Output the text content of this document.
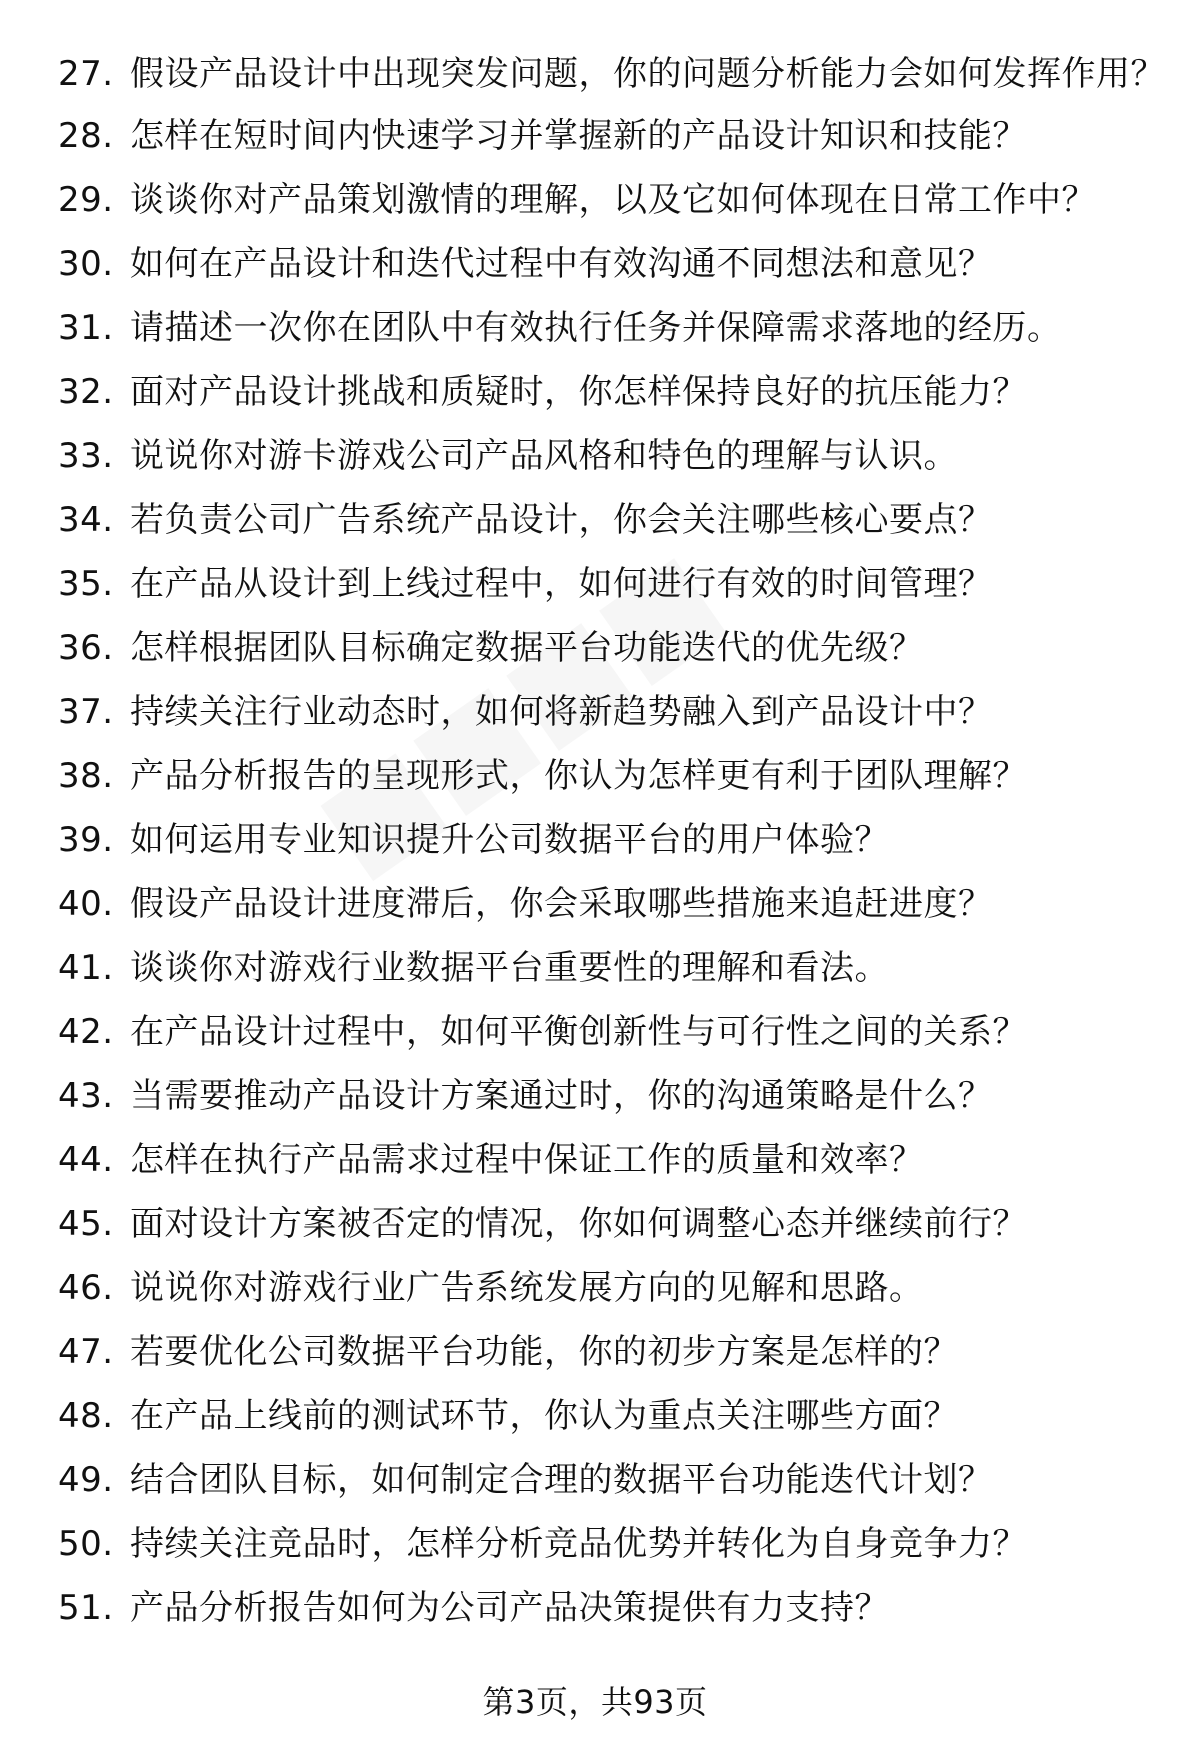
27. 假设产品设计中出现突发问题，你的问题分析能力会如何发挥作用？
28. 怎样在短时间内快速学习并掌握新的产品设计知识和技能？
29. 谈谈你对产品策划激情的理解，以及它如何体现在日常工作中？
30. 如何在产品设计和迭代过程中有效沟通不同想法和意见？
31. 请描述一次你在团队中有效执行任务并保障需求落地的经历。
32. 面对产品设计挑战和质疑时，你怎样保持良好的抗压能力？
33. 说说你对游卡游戏公司产品风格和特色的理解与认识。
34. 若负责公司广告系统产品设计，你会关注哪些核心要点？
35. 在产品从设计到上线过程中，如何进行有效的时间管理？
36. 怎样根据团队目标确定数据平台功能迭代的优先级？
37. 持续关注行业动态时，如何将新趋势融入到产品设计中？
38. 产品分析报告的呈现形式，你认为怎样更有利于团队理解？
39. 如何运用专业知识提升公司数据平台的用户体验？
40. 假设产品设计进度滞后，你会采取哪些措施来追赶进度？
41. 谈谈你对游戏行业数据平台重要性的理解和看法。
42. 在产品设计过程中，如何平衡创新性与可行性之间的关系？
43. 当需要推动产品设计方案通过时，你的沟通策略是什么？
44. 怎样在执行产品需求过程中保证工作的质量和效率？
45. 面对设计方案被否定的情况，你如何调整心态并继续前行？
46. 说说你对游戏行业广告系统发展方向的见解和思路。
47. 若要优化公司数据平台功能，你的初步方案是怎样的？
48. 在产品上线前的测试环节，你认为重点关注哪些方面？
49. 结合团队目标，如何制定合理的数据平台功能迭代计划？
50. 持续关注竞品时，怎样分析竞品优势并转化为自身竞争力？
51. 产品分析报告如何为公司产品决策提供有力支持？
第3页，共93页
